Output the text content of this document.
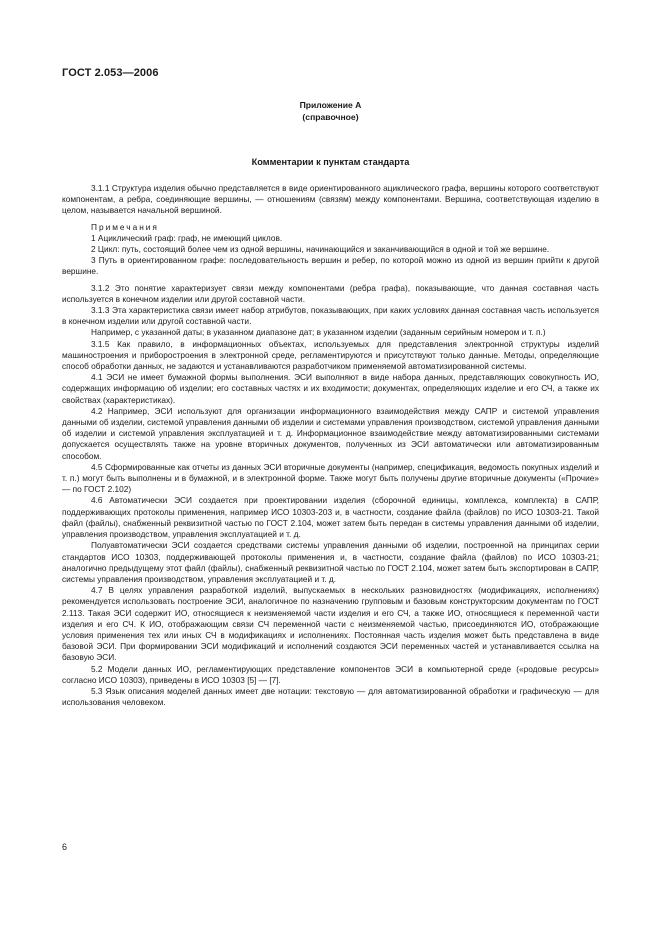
ГОСТ 2.053—2006
Приложение А
(справочное)
Комментарии к пунктам стандарта

3.1.1 Структура изделия обычно представляется в виде ориентированного ациклического графа, вершины которого соответствуют компонентам, а ребра, соединяющие вершины, — отношениям (связям) между компонентами. Вершина, соответствующая изделию в целом, называется начальной вершиной.

Примечания

1 Ациклический граф: граф, не имеющий циклов.

2 Цикл: путь, состоящий более чем из одной вершины, начинающийся и заканчивающийся в одной и той же вершине.

3 Путь в ориентированном графе: последовательность вершин и ребер, по которой можно из одной из вершин прийти к другой вершине.

3.1.2 Это понятие характеризует связи между компонентами (ребра графа), показывающие, что данная составная часть используется в конечном изделии или другой составной части.

3.1.3 Эта характеристика связи имеет набор атрибутов, показывающих, при каких условиях данная составная часть используется в конечном изделии или другой составной части.

Например, с указанной даты; в указанном диапазоне дат; в указанном изделии (заданным серийным номером и т. п.)

3.1.5 Как правило, в информационных объектах, используемых для представления электронной структуры изделий машиностроения и приборостроения в электронной среде, регламентируются и присутствуют только данные. Методы, определяющие способ обработки данных, не задаются и устанавливаются разработчиком применяемой автоматизированной системы.

4.1 ЭСИ не имеет бумажной формы выполнения. ЭСИ выполняют в виде набора данных, представляющих совокупность ИО, содержащих информацию об изделии; его составных частях и их входимости; документах, определяющих изделие и его СЧ, а также их свойствах (характеристиках).

4.2 Например, ЭСИ используют для организации информационного взаимодействия между САПР и системой управления данными об изделии, системой управления данными об изделии и системами управления производством, системой управления данными об изделии и системой управления эксплуатацией и т. д. Информационное взаимодействие между автоматизированными системами допускается осуществлять также на уровне вторичных документов, полученных из ЭСИ автоматически или автоматизированным способом.

4.5 Сформированные как отчеты из данных ЭСИ вторичные документы (например, спецификация, ведомость покупных изделий и т. п.) могут быть выполнены и в бумажной, и в электронной форме. Также могут быть получены другие вторичные документы («Прочие» — по ГОСТ 2.102)

4.6 Автоматически ЭСИ создается при проектировании изделия (сборочной единицы, комплекса, комплекта) в САПР, поддерживающих протоколы применения, например ИСО 10303-203 и, в частности, создание файла (файлов) по ИСО 10303-21. Такой файл (файлы), снабженный реквизитной частью по ГОСТ 2.104, может затем быть передан в системы управления данными об изделии, управления производством, управления эксплуатацией и т. д.

Полуавтоматически ЭСИ создается средствами системы управления данными об изделии, построенной на принципах серии стандартов ИСО 10303, поддерживающей протоколы применения и, в частности, создание файла (файлов) по ИСО 10303-21; аналогично предыдущему этот файл (файлы), снабженный реквизитной частью по ГОСТ 2.104, может затем быть экспортирован в САПР, системы управления производством, управления эксплуатацией и т. д.

4.7 В целях управления разработкой изделий, выпускаемых в нескольких разновидностях (модификациях, исполнениях) рекомендуется использовать построение ЭСИ, аналогичное по назначению групповым и базовым конструкторским документам по ГОСТ 2.113. Такая ЭСИ содержит ИО, относящиеся к неизменяемой части изделия и его СЧ, а также ИО, относящиеся к переменной части изделия и его СЧ. К ИО, отображающим связи СЧ переменной части с неизменяемой частью, присоединяются ИО, отображающие условия применения тех или иных СЧ в модификациях и исполнениях. Постоянная часть изделия может быть представлена в виде базовой ЭСИ. При формировании ЭСИ модификаций и исполнений создаются ЭСИ переменных частей и устанавливается ссылка на базовую ЭСИ.

5.2 Модели данных ИО, регламентирующих представление компонентов ЭСИ в компьютерной среде («родовые ресурсы» согласно ИСО 10303), приведены в ИСО 10303 [5] — [7].

5.3 Язык описания моделей данных имеет две нотации: текстовую — для автоматизированной обработки и графическую — для использования человеком.

6
